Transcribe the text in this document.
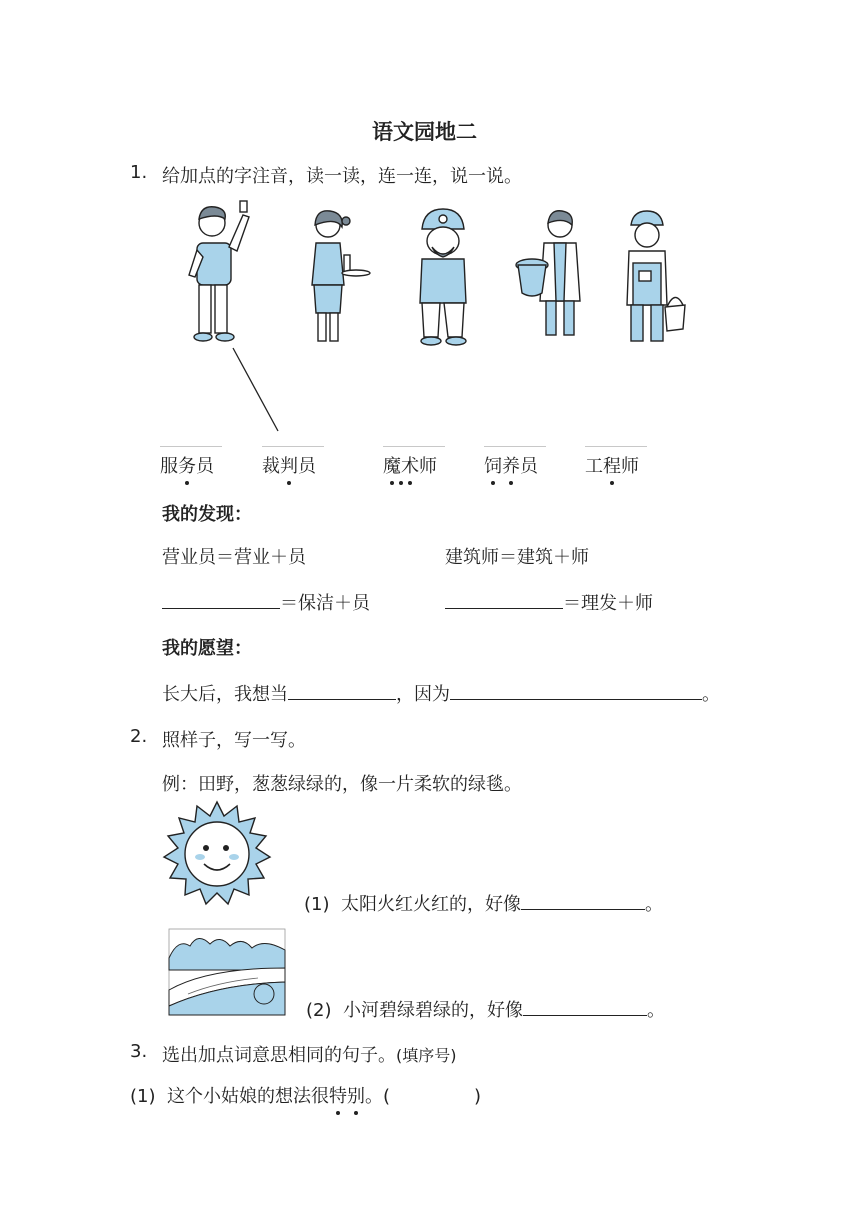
语文园地二
1. 给加点的字注音，读一读，连一连，说一说。
服务员	裁判员	魔术师	饲养员	工程师
我的发现：
营业员＝营业＋员	建筑师＝建筑＋师
＝保洁＋员	＝理发＋师
我的愿望：
长大后，我想当	，因为	。
2. 照样子，写一写。
例：田野，葱葱绿绿的，像一片柔软的绿毯。
(1) 太阳火红火红的，好像	。
(2) 小河碧绿碧绿的，好像	。
3. 选出加点词意思相同的句子。(填序号)
(1) 这个小姑娘的想法很特别。(	)
